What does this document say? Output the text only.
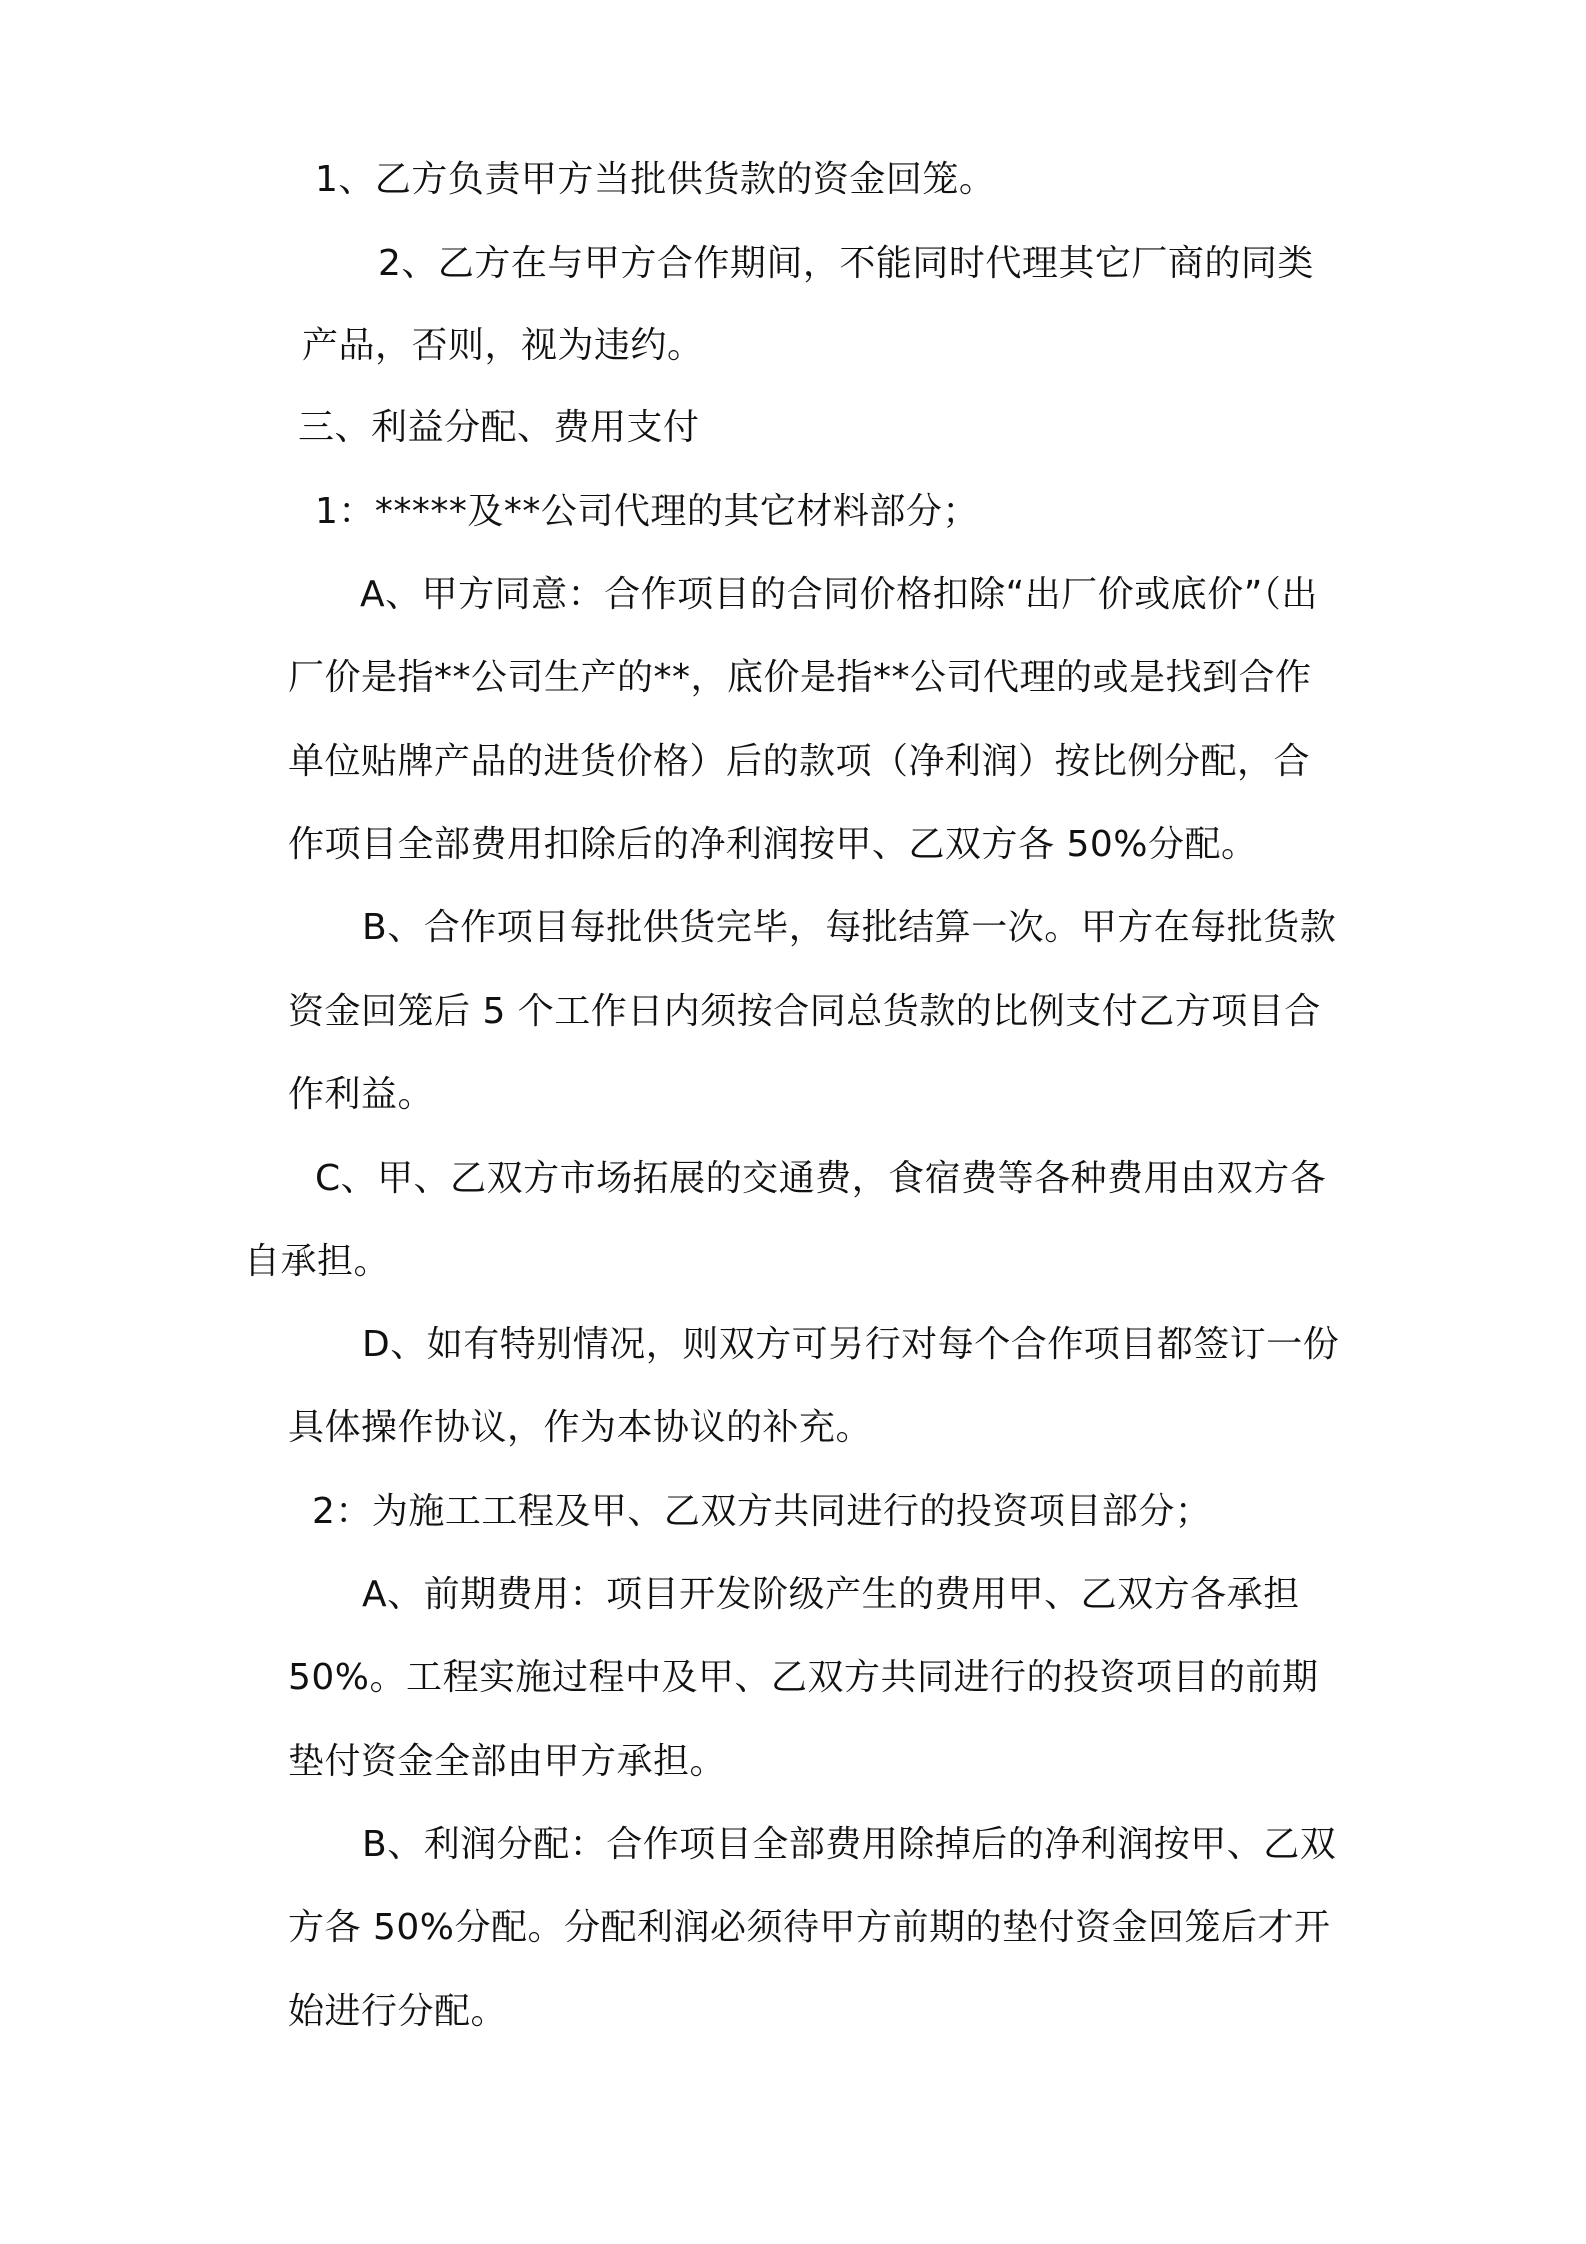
1、乙方负责甲方当批供货款的资金回笼。
2、乙方在与甲方合作期间，不能同时代理其它厂商的同类
产品，否则，视为违约。
三、利益分配、费用支付
1：*****及**公司代理的其它材料部分；
A、甲方同意：合作项目的合同价格扣除“出厂价或底价”（出
厂价是指**公司生产的**，底价是指**公司代理的或是找到合作
单位贴牌产品的进货价格）后的款项（净利润）按比例分配，合
作项目全部费用扣除后的净利润按甲、乙双方各 50%分配。
B、合作项目每批供货完毕，每批结算一次。甲方在每批货款
资金回笼后 5 个工作日内须按合同总货款的比例支付乙方项目合
作利益。
C、甲、乙双方市场拓展的交通费，食宿费等各种费用由双方各
自承担。
D、如有特别情况，则双方可另行对每个合作项目都签订一份
具体操作协议，作为本协议的补充。
2：为施工工程及甲、乙双方共同进行的投资项目部分；
A、前期费用：项目开发阶级产生的费用甲、乙双方各承担
50%。工程实施过程中及甲、乙双方共同进行的投资项目的前期
垫付资金全部由甲方承担。
B、利润分配：合作项目全部费用除掉后的净利润按甲、乙双
方各 50%分配。分配利润必须待甲方前期的垫付资金回笼后才开
始进行分配。
